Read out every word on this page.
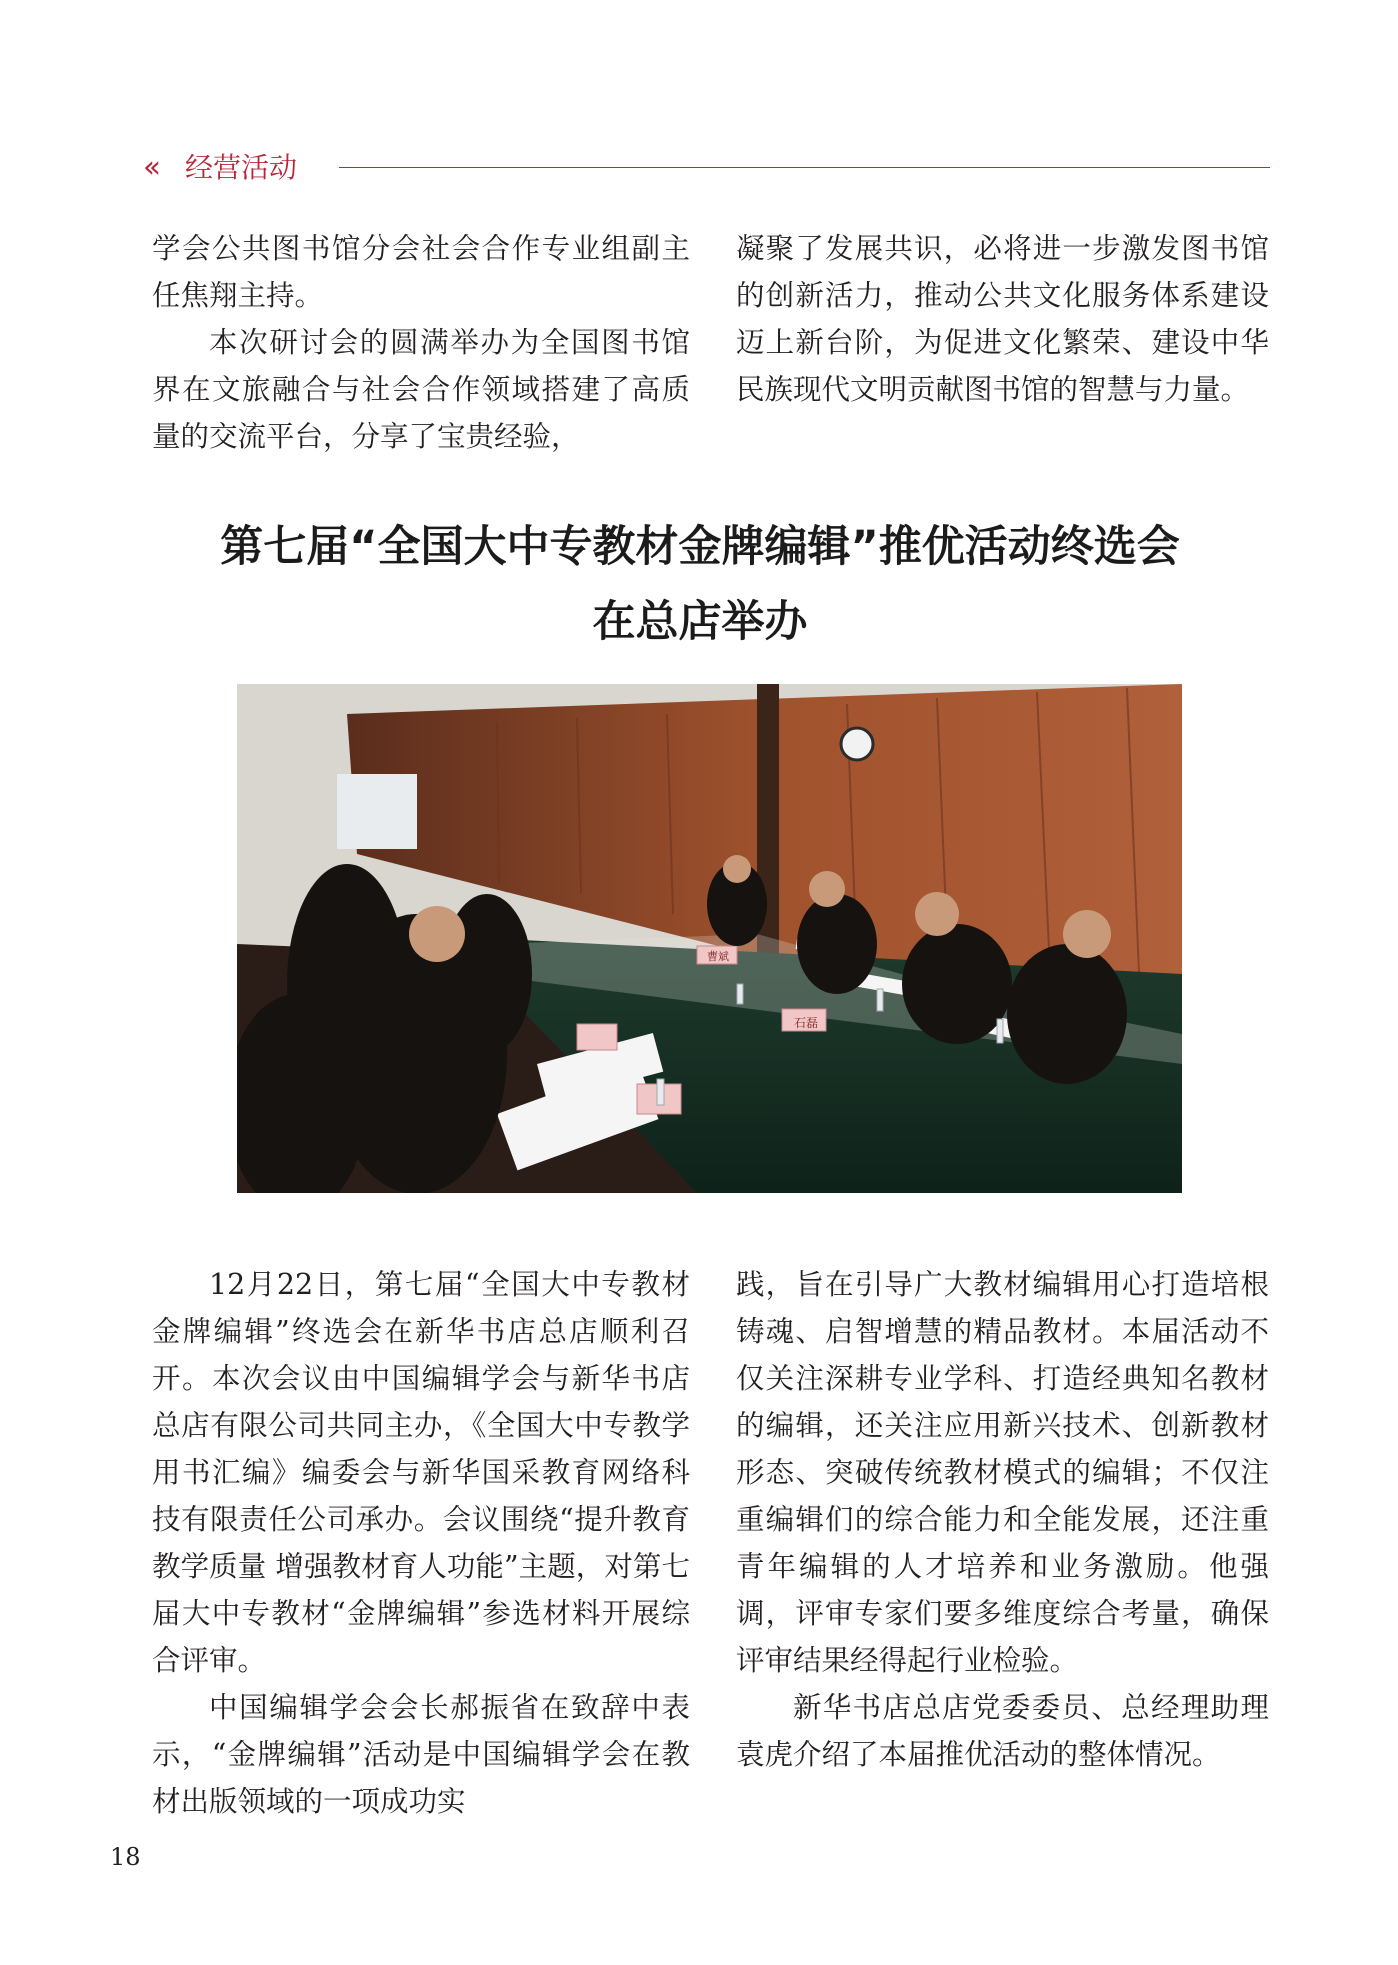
‹‹ 经营活动

学会公共图书馆分会社会合作专业组副主任焦翔主持。

本次研讨会的圆满举办为全国图书馆界在文旅融合与社会合作领域搭建了高质量的交流平台，分享了宝贵经验，

凝聚了发展共识，必将进一步激发图书馆的创新活力，推动公共文化服务体系建设迈上新台阶，为促进文化繁荣、建设中华民族现代文明贡献图书馆的智慧与力量。

第七届“全国大中专教材金牌编辑”推优活动终选会
在总店举办
石磊
曹斌

12月22日，第七届“全国大中专教材金牌编辑”终选会在新华书店总店顺利召开。本次会议由中国编辑学会与新华书店总店有限公司共同主办，《全国大中专教学用书汇编》编委会与新华国采教育网络科技有限责任公司承办。会议围绕“提升教育教学质量 增强教材育人功能”主题，对第七届大中专教材“金牌编辑”参选材料开展综合评审。

中国编辑学会会长郝振省在致辞中表示，“金牌编辑”活动是中国编辑学会在教材出版领域的一项成功实

践，旨在引导广大教材编辑用心打造培根铸魂、启智增慧的精品教材。本届活动不仅关注深耕专业学科、打造经典知名教材的编辑，还关注应用新兴技术、创新教材形态、突破传统教材模式的编辑；不仅注重编辑们的综合能力和全能发展，还注重青年编辑的人才培养和业务激励。他强调，评审专家们要多维度综合考量，确保评审结果经得起行业检验。

新华书店总店党委委员、总经理助理袁虎介绍了本届推优活动的整体情况。

18
